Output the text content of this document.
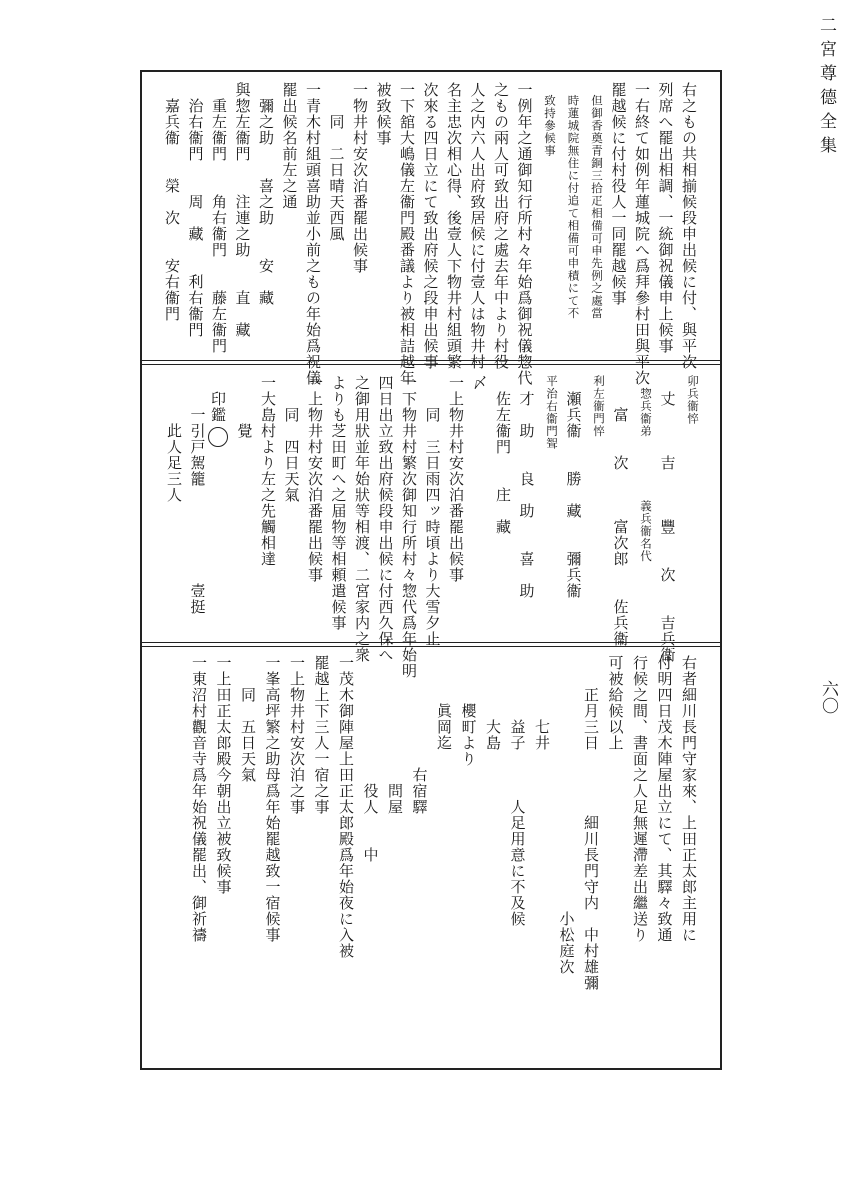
右之もの共相揃候段申出候に付、與平次
列席へ罷出相調、一統御祝儀申上候事
一右終て如例年蓮城院へ爲拜參村田與平次
罷越候に付村役人一同罷越候事
　但御香奠青銅三拾疋相備可申先例之處當
　時蓮城院無住に付追て相備可申積にて不
　致持參候事
一例年之通御知行所村々年始爲御祝儀惣代
之もの兩人可致出府之處去年中より村役
人之内六人出府致居候に付壹人は物井村
名主忠次相心得、後壹人下物井村組頭繁
次來る四日立にて致出府候之段申出候事
一下舘大嶋儀左衞門殿番議より被相詰越年
被致候事
一物井村安次泊番罷出候事
　　同　二日晴天西風
一青木村組頭喜助並小前之もの年始爲祝儀
罷出候名前左之通
　彌之助　　喜之助　　安　藏
與惣左衞門　　注連之助　　直　藏
　重左衞門　　角右衞門　　藤左衞門
　治右衞門　　周　藏　　利右衞門
　嘉兵衞　　榮　次　　安右衞門
卯兵衞悴
　丈　　　吉　　　豐　　次　　吉兵衞
　惣兵衞弟　　　　　義兵衞名代
　　富　　次　　　富次郎　　佐兵衞
利左衞門悴
　瀬兵衞　　勝　藏　　彌兵衞
平治右衞門聟
　才　助　　良　助　　喜　助
　佐左衞門　　庄　藏
〆
一上物井村安次泊番罷出候事
　　同　三日雨四ッ時頃より大雪夕止
一下物井村繁次御知行所村々惣代爲年始明
四日出立致出府候段申出候に付西久保へ
之御用狀並年始狀等相渡、二宮家内之衆
よりも芝田町へ之届物等相頼遣候事
一上物井村安次泊番罷出候事
　　同　四日天氣
一大島村より左之先觸相達
　　　覺
　印鑑
　　一引戸駕籠　　　　　　壹挺
　　　此人足三人
右者細川長門守家來、上田正太郎主用に
付明四日茂木陣屋出立にて、其驛々致通
行候之間、書面之人足無遲滯差出繼送り
可被給候以上
　　正月三日　　　　細川長門守内　中村雄彌
　　　　　　　　　　　　　　　　小松庭次
　　　　七井
　　　　益子　　　人足用意に不及候
　　　　大島
　　　櫻町より
　　　眞岡迄
　　　　　　　右宿驛
　　　　　　　　問屋
　　　　　　　　役人　　中
一茂木御陣屋上田正太郎殿爲年始夜に入被
罷越上下三人一宿之事
一上物井村安次泊之事
一峯高坪繁之助母爲年始罷越致一宿候事
　　同　五日天氣
一上田正太郎殿今朝出立被致候事
一東沼村觀音寺爲年始祝儀罷出、御祈禱
二宮尊德全集
六〇
